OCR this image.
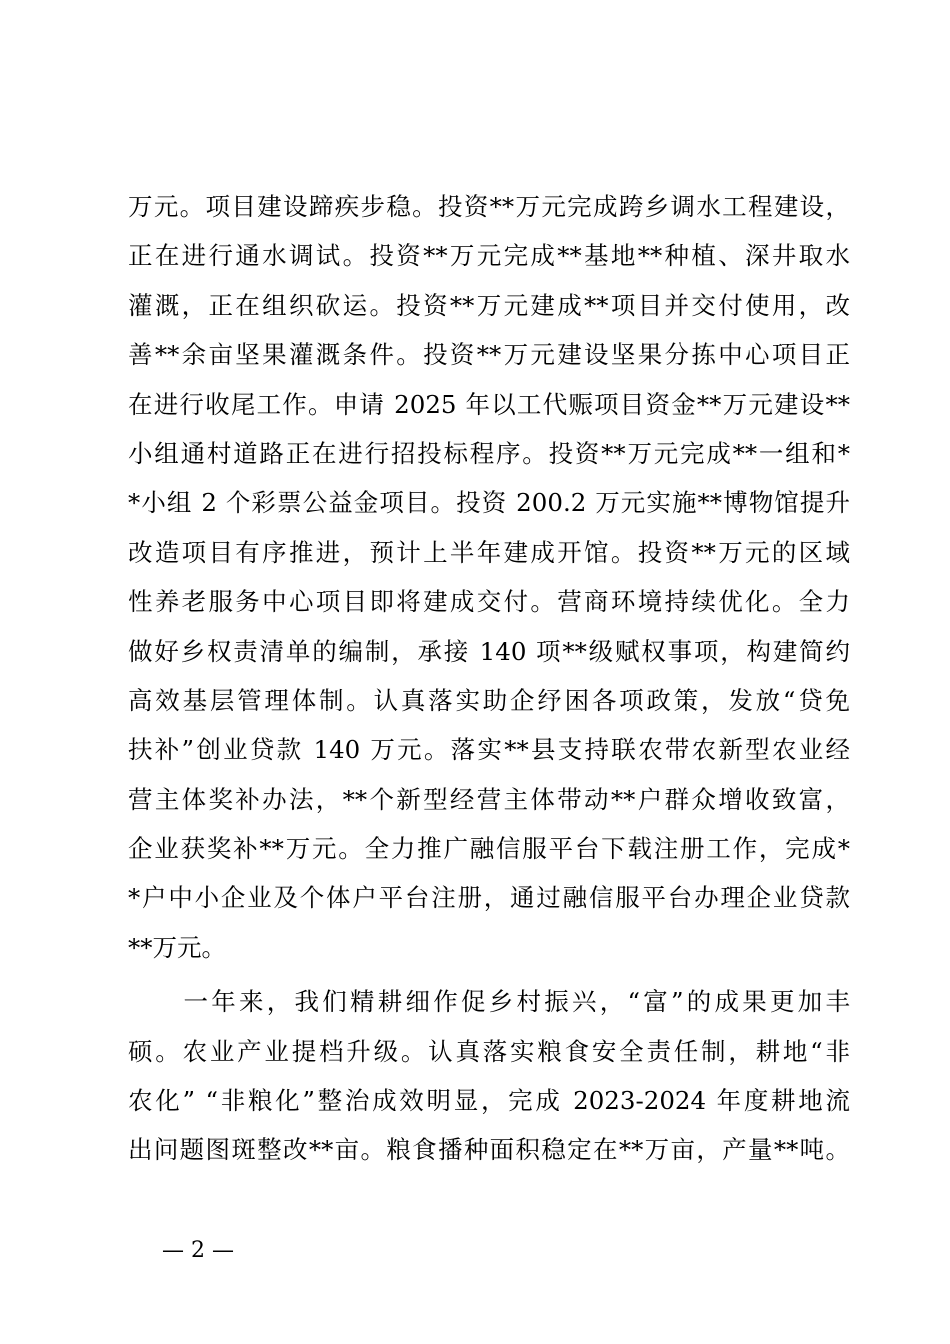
万元。项目建设蹄疾步稳。投资**万元完成跨乡调水工程建设，
正在进行通水调试。投资**万元完成**基地**种植、深井取水
灌溉，正在组织砍运。投资**万元建成**项目并交付使用，改
善**余亩坚果灌溉条件。投资**万元建设坚果分拣中心项目正
在进行收尾工作。申请 2025 年以工代赈项目资金**万元建设**
小组通村道路正在进行招投标程序。投资**万元完成**一组和*
*小组 2 个彩票公益金项目。投资 200.2 万元实施**博物馆提升
改造项目有序推进，预计上半年建成开馆。投资**万元的区域
性养老服务中心项目即将建成交付。营商环境持续优化。全力
做好乡权责清单的编制，承接 140 项**级赋权事项，构建简约
高效基层管理体制。认真落实助企纾困各项政策，发放“贷免
扶补”创业贷款 140 万元。落实**县支持联农带农新型农业经
营主体奖补办法，**个新型经营主体带动**户群众增收致富，
企业获奖补**万元。全力推广融信服平台下载注册工作，完成*
*户中小企业及个体户平台注册，通过融信服平台办理企业贷款
**万元。
　　一年来，我们精耕细作促乡村振兴，“富”的成果更加丰
硕。农业产业提档升级。认真落实粮食安全责任制，耕地“非
农化” “非粮化”整治成效明显，完成 2023-2024 年度耕地流
出问题图斑整改**亩。粮食播种面积稳定在**万亩，产量**吨。
— 2 —
